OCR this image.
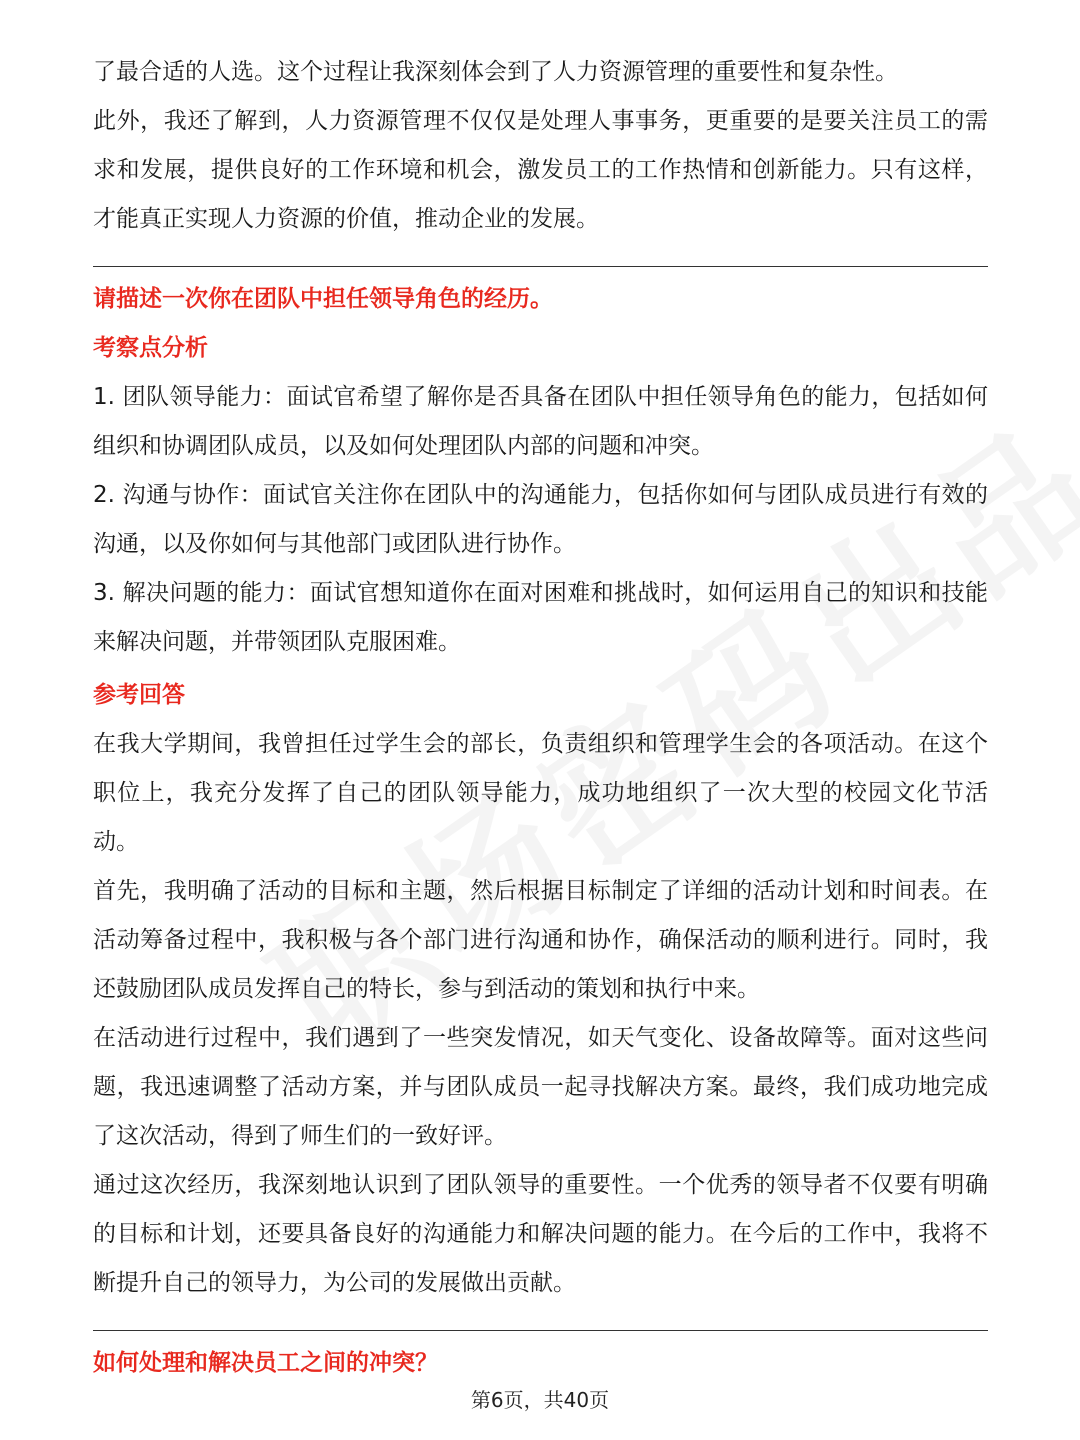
了最合适的人选。这个过程让我深刻体会到了人力资源管理的重要性和复杂性。

此外，我还了解到，人力资源管理不仅仅是处理人事事务，更重要的是要关注员工的需求和发展，提供良好的工作环境和机会，激发员工的工作热情和创新能力。只有这样，才能真正实现人力资源的价值，推动企业的发展。

请描述一次你在团队中担任领导角色的经历。

考察点分析

1. 团队领导能力：面试官希望了解你是否具备在团队中担任领导角色的能力，包括如何组织和协调团队成员，以及如何处理团队内部的问题和冲突。

2. 沟通与协作：面试官关注你在团队中的沟通能力，包括你如何与团队成员进行有效的沟通，以及你如何与其他部门或团队进行协作。

3. 解决问题的能力：面试官想知道你在面对困难和挑战时，如何运用自己的知识和技能来解决问题，并带领团队克服困难。

参考回答

在我大学期间，我曾担任过学生会的部长，负责组织和管理学生会的各项活动。在这个职位上，我充分发挥了自己的团队领导能力，成功地组织了一次大型的校园文化节活动。

首先，我明确了活动的目标和主题，然后根据目标制定了详细的活动计划和时间表。在活动筹备过程中，我积极与各个部门进行沟通和协作，确保活动的顺利进行。同时，我还鼓励团队成员发挥自己的特长，参与到活动的策划和执行中来。

在活动进行过程中，我们遇到了一些突发情况，如天气变化、设备故障等。面对这些问题，我迅速调整了活动方案，并与团队成员一起寻找解决方案。最终，我们成功地完成了这次活动，得到了师生们的一致好评。

通过这次经历，我深刻地认识到了团队领导的重要性。一个优秀的领导者不仅要有明确的目标和计划，还要具备良好的沟通能力和解决问题的能力。在今后的工作中，我将不断提升自己的领导力，为公司的发展做出贡献。

如何处理和解决员工之间的冲突？

第6页，共40页
